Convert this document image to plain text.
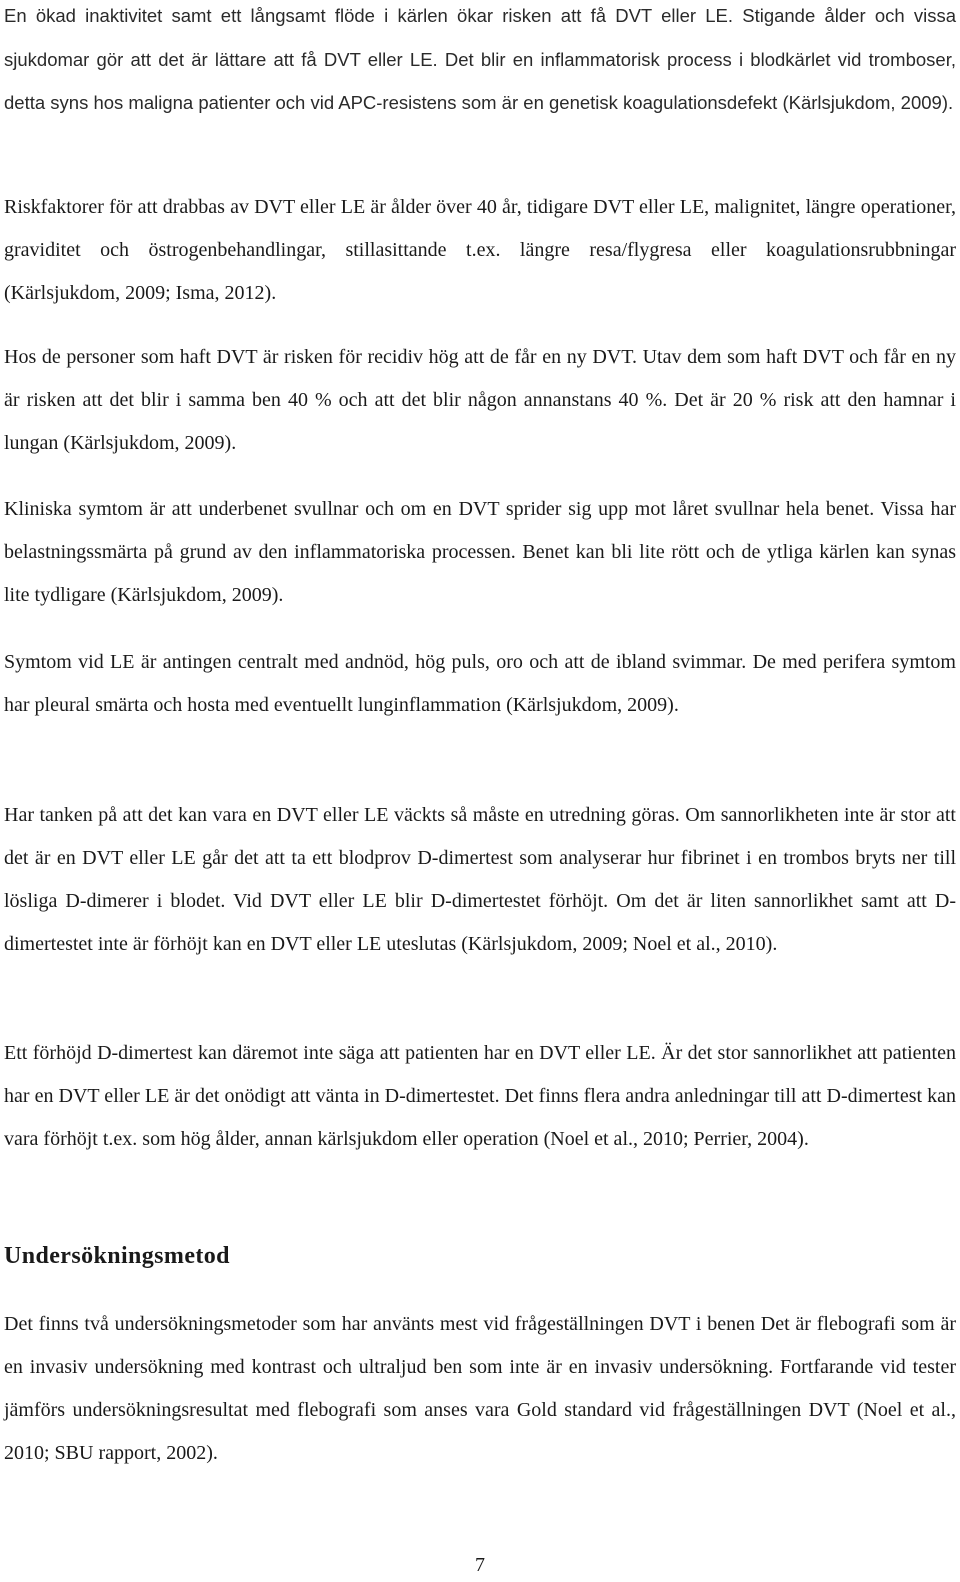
En ökad inaktivitet samt ett långsamt flöde i kärlen ökar risken att få DVT eller LE. Stigande ålder och vissa sjukdomar gör att det är lättare att få DVT eller LE. Det blir en inflammatorisk process i blodkärlet vid tromboser, detta syns hos maligna patienter och vid APC-resistens som är en genetisk koagulationsdefekt (Kärlsjukdom, 2009).

Riskfaktorer för att drabbas av DVT eller LE är ålder över 40 år, tidigare DVT eller LE, malignitet, längre operationer, graviditet och östrogenbehandlingar, stillasittande t.ex. längre resa/flygresa eller koagulationsrubbningar (Kärlsjukdom, 2009; Isma, 2012).

Hos de personer som haft DVT är risken för recidiv hög att de får en ny DVT. Utav dem som haft DVT och får en ny är risken att det blir i samma ben 40 % och att det blir någon annanstans 40 %. Det är 20 % risk att den hamnar i lungan (Kärlsjukdom, 2009).

Kliniska symtom är att underbenet svullnar och om en DVT sprider sig upp mot låret svullnar hela benet. Vissa har belastningssmärta på grund av den inflammatoriska processen. Benet kan bli lite rött och de ytliga kärlen kan synas lite tydligare (Kärlsjukdom, 2009).

Symtom vid LE är antingen centralt med andnöd, hög puls, oro och att de ibland svimmar. De med perifera symtom har pleural smärta och hosta med eventuellt lunginflammation (Kärlsjukdom, 2009).

Har tanken på att det kan vara en DVT eller LE väckts så måste en utredning göras. Om sannorlikheten inte är stor att det är en DVT eller LE går det att ta ett blodprov D-dimertest som analyserar hur fibrinet i en trombos bryts ner till lösliga D-dimerer i blodet. Vid DVT eller LE blir D-dimertestet förhöjt. Om det är liten sannorlikhet samt att D-dimertestet inte är förhöjt kan en DVT eller LE uteslutas (Kärlsjukdom, 2009; Noel et al., 2010).

Ett förhöjd D-dimertest kan däremot inte säga att patienten har en DVT eller LE. Är det stor sannorlikhet att patienten har en DVT eller LE är det onödigt att vänta in D-dimertestet. Det finns flera andra anledningar till att D-dimertest kan vara förhöjt t.ex. som hög ålder, annan kärlsjukdom eller operation (Noel et al., 2010; Perrier, 2004).

Undersökningsmetod

Det finns två undersökningsmetoder som har använts mest vid frågeställningen DVT i benen Det är flebografi som är en invasiv undersökning med kontrast och ultraljud ben som inte är en invasiv undersökning. Fortfarande vid tester jämförs undersökningsresultat med flebografi som anses vara Gold standard vid frågeställningen DVT (Noel et al., 2010; SBU rapport, 2002).

7
